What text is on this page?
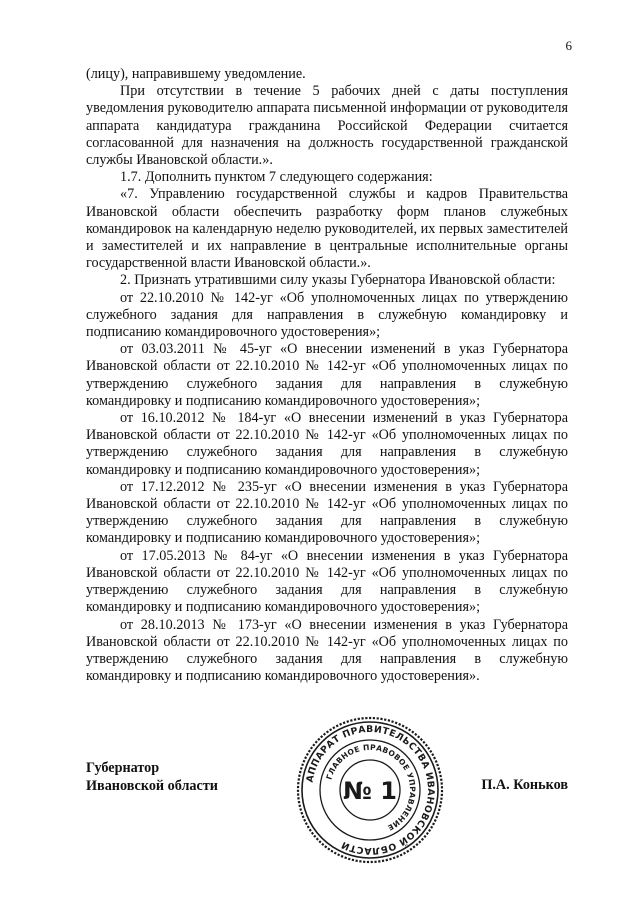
6

(лицу), направившему уведомление.

При отсутствии в течение 5 рабочих дней с даты поступления уведомления руководителю аппарата письменной информации от руководителя аппарата кандидатура гражданина Российской Федерации считается согласованной для назначения на должность государственной гражданской службы Ивановской области.».

1.7. Дополнить пунктом 7 следующего содержания:

«7. Управлению государственной службы и кадров Правительства Ивановской области обеспечить разработку форм планов служебных командировок на календарную неделю руководителей, их первых заместителей и заместителей и их направление в центральные исполнительные органы государственной власти Ивановской области.».

2. Признать утратившими силу указы Губернатора Ивановской области:

от 22.10.2010 № 142-уг «Об уполномоченных лицах по утверждению служебного задания для направления в служебную командировку и подписанию командировочного удостоверения»;

от 03.03.2011 № 45-уг «О внесении изменений в указ Губернатора Ивановской области от 22.10.2010 № 142-уг «Об уполномоченных лицах по утверждению служебного задания для направления в служебную командировку и подписанию командировочного удостоверения»;

от 16.10.2012 № 184-уг «О внесении изменений в указ Губернатора Ивановской области от 22.10.2010 № 142-уг «Об уполномоченных лицах по утверждению служебного задания для направления в служебную командировку и подписанию командировочного удостоверения»;

от 17.12.2012 № 235-уг «О внесении изменения в указ Губернатора Ивановской области от 22.10.2010 № 142-уг «Об уполномоченных лицах по утверждению служебного задания для направления в служебную командировку и подписанию командировочного удостоверения»;

от 17.05.2013 № 84-уг «О внесении изменения в указ Губернатора Ивановской области от 22.10.2010 № 142-уг «Об уполномоченных лицах по утверждению служебного задания для направления в служебную командировку и подписанию командировочного удостоверения»;

от 28.10.2013 № 173-уг «О внесении изменения в указ Губернатора Ивановской области от 22.10.2010 № 142-уг «Об уполномоченных лицах по утверждению служебного задания для направления в служебную командировку и подписанию командировочного удостоверения».

АППАРАТ ПРАВИТЕЛЬСТВА ИВАНОВСКОЙ ОБЛАСТИ
ГЛАВНОЕ ПРАВОВОЕ УПРАВЛЕНИЕ
№ 1
Губернатор
Ивановской области	П.А. Коньков
